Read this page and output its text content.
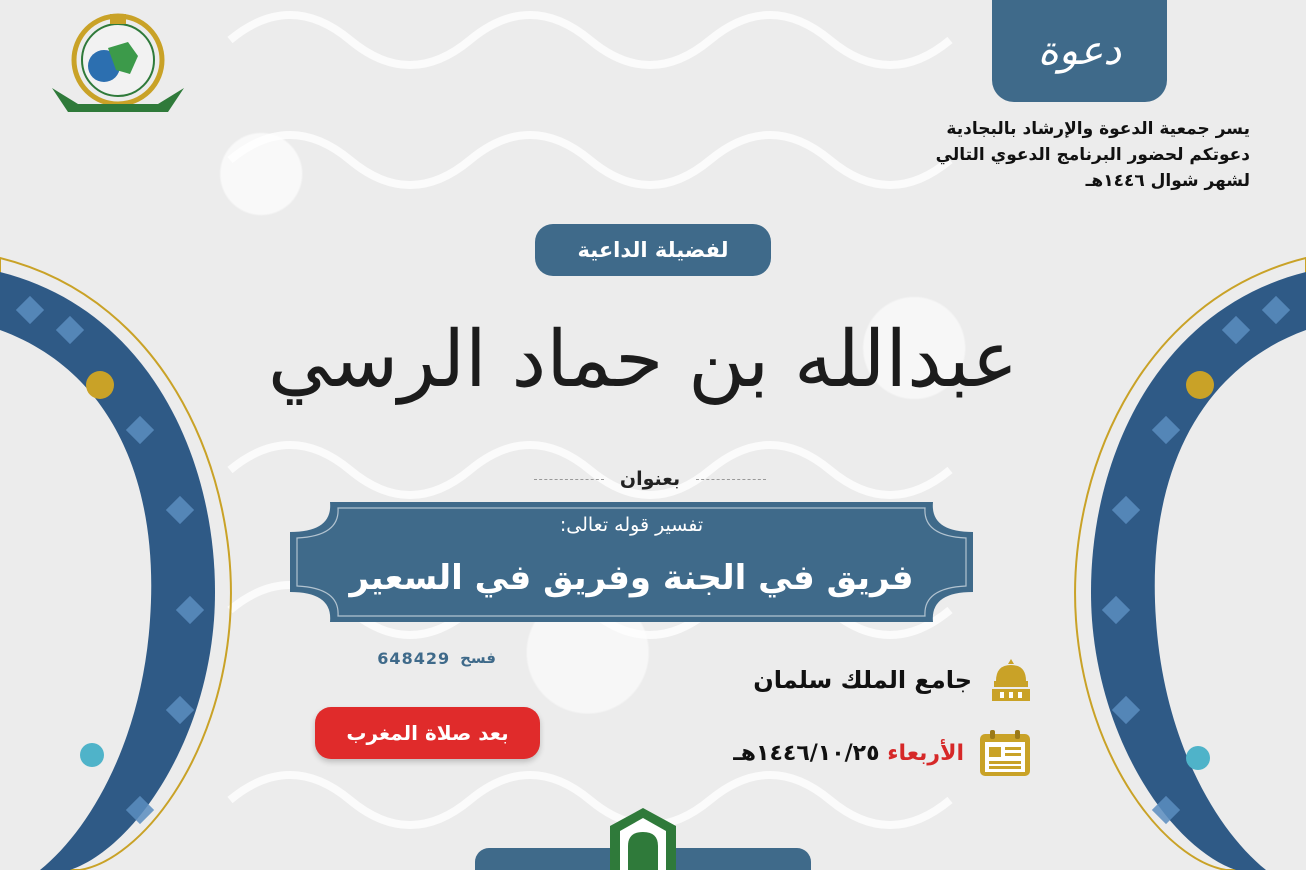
دعوة
يسر جمعية الدعوة والإرشاد بالبجادية
دعوتكم لحضور البرنامج الدعوي التالي
لشهر شوال ١٤٤٦هـ
لفضيلة الداعية
عبدالله بن حماد الرسي
بعنوان
تفسير قوله تعالى:
فريق في الجنة وفريق في السعير
فسح
648429
بعد صلاة المغرب
جامع الملك سلمان
الأربعاء ١٤٤٦/١٠/٢٥هـ
